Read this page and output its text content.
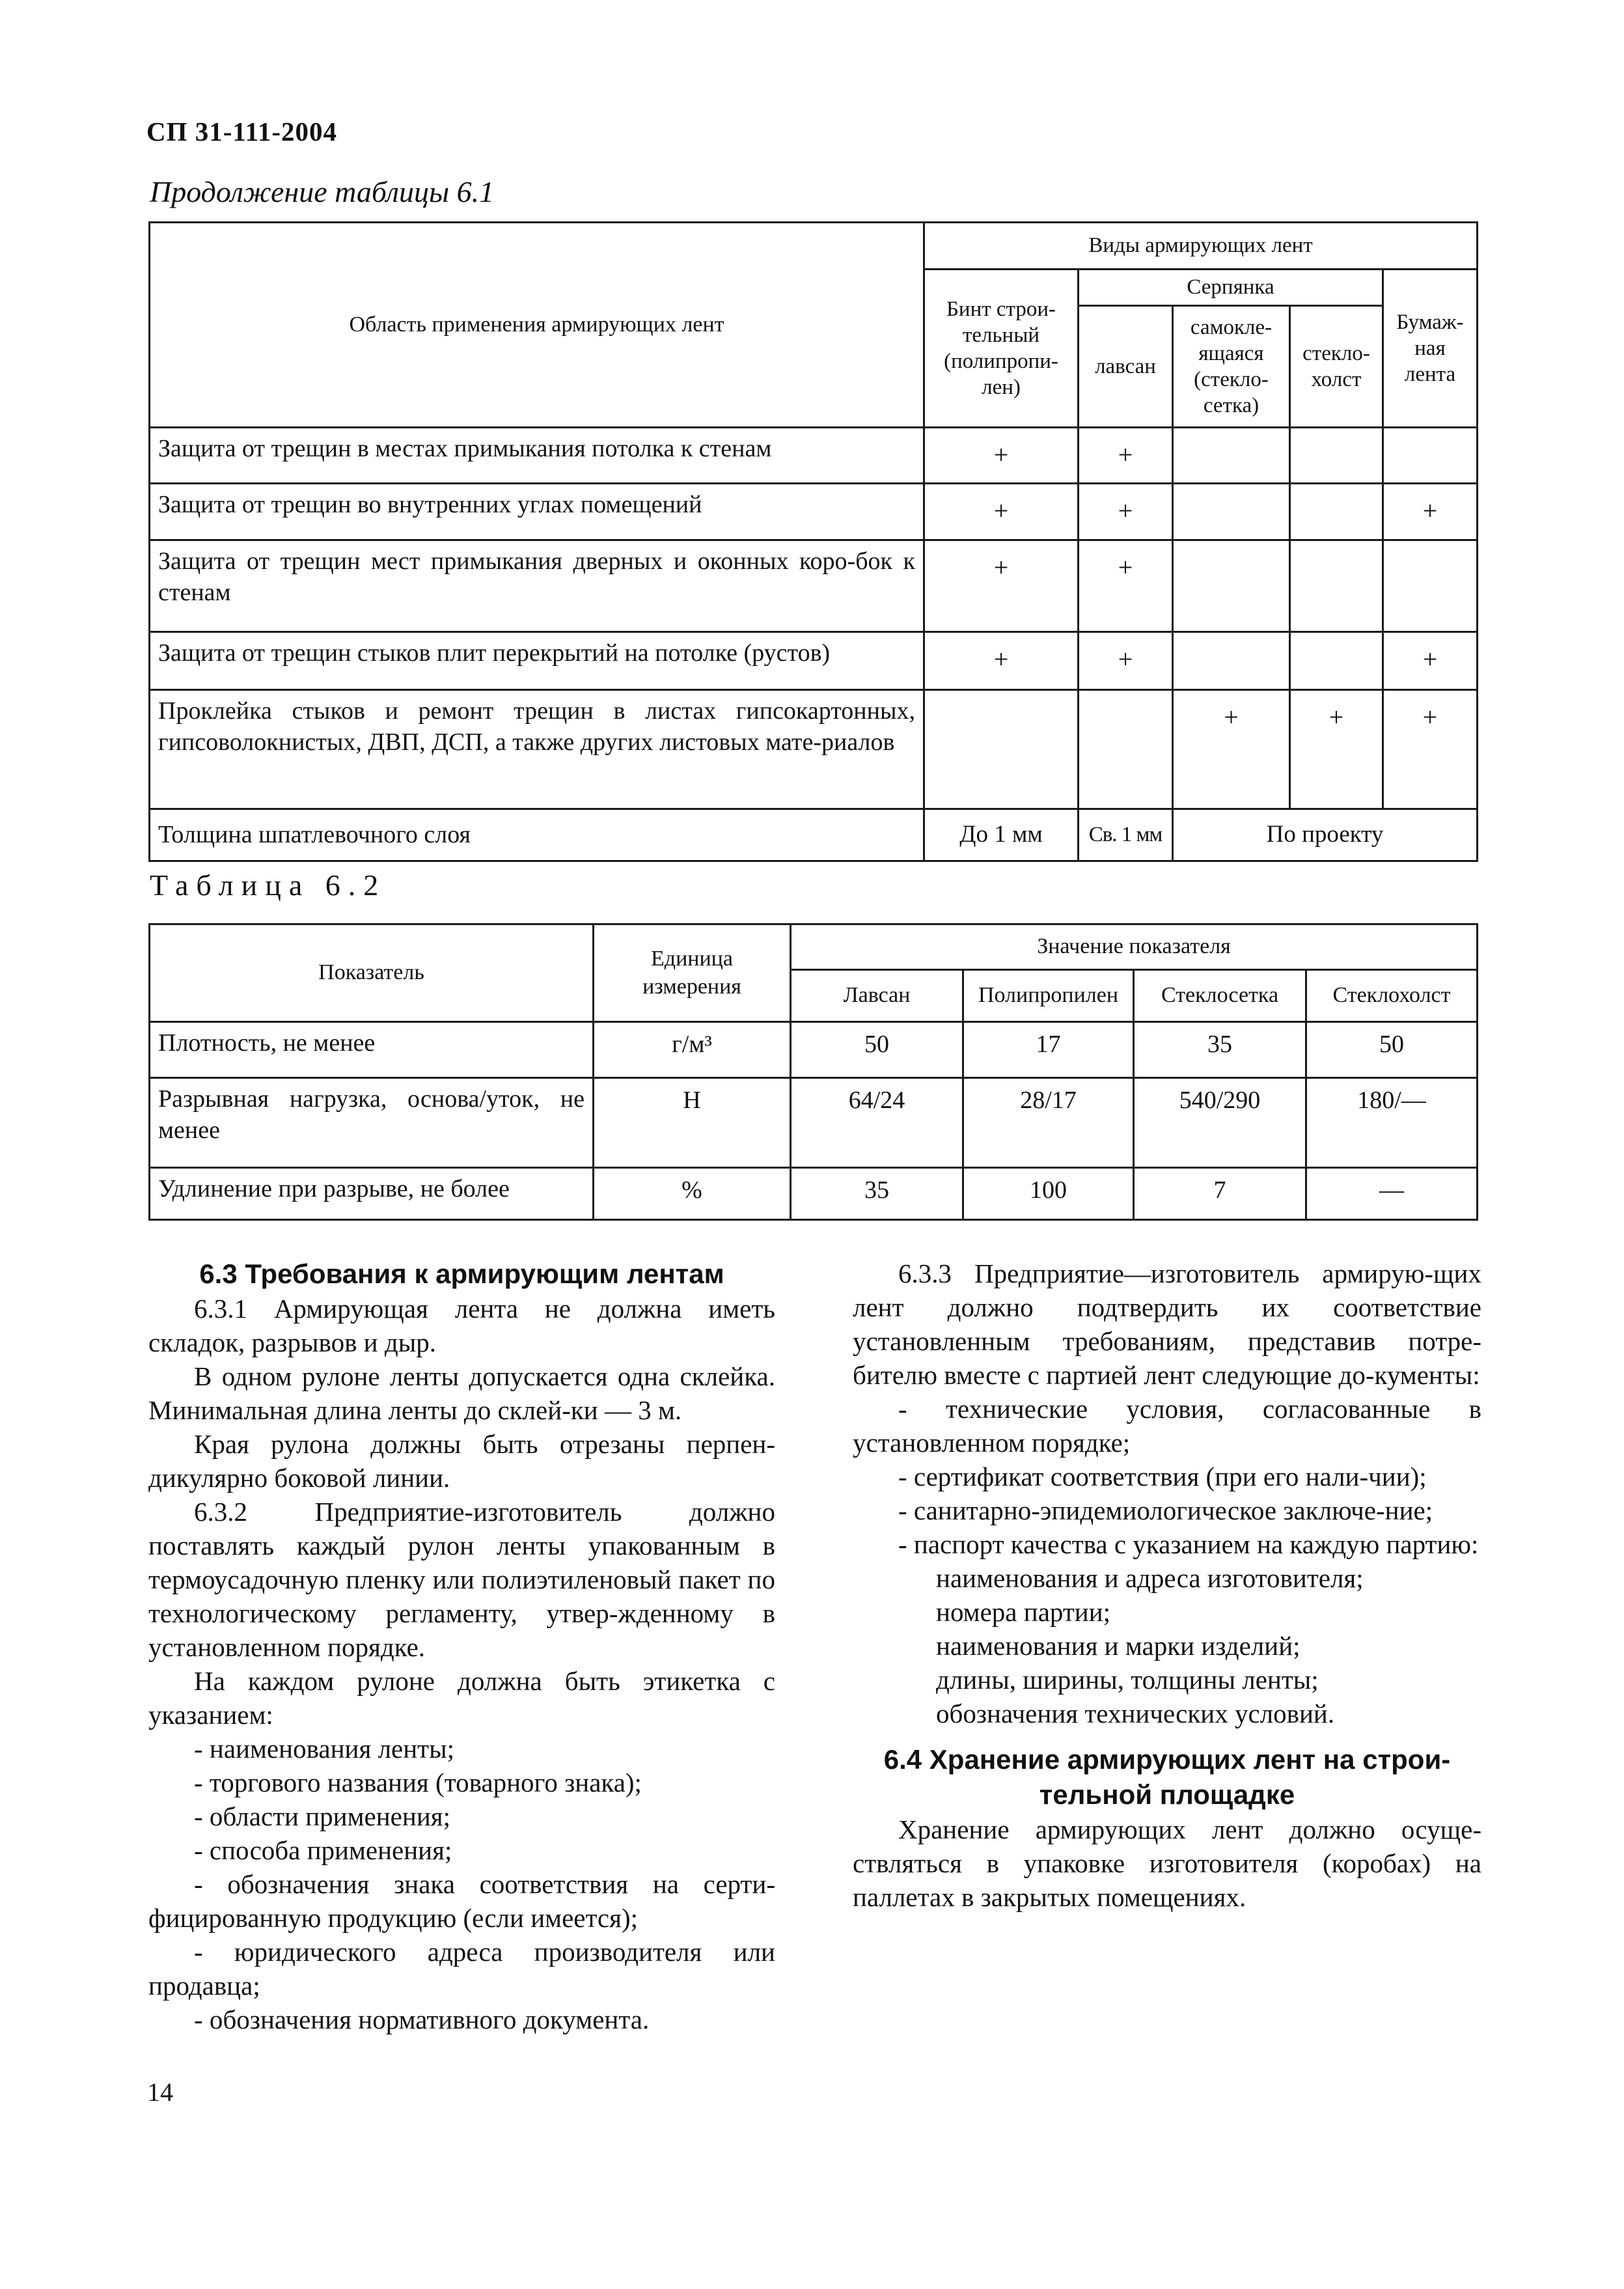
СП 31-111-2004
Продолжение таблицы 6.1
Область применения армирующих лент	Виды армирующих лент				
	Бинт строи-тельный (полипропи-лен)	Серпянка			Бумаж-ная лента
		лавсан	самокле-ящаяся (стекло-сетка)	стекло-холст	
Защита от трещин в местах примыкания потолка к стенам	+	+			
Защита от трещин во внутренних углах помещений	+	+			+
Защита от трещин мест примыкания дверных и оконных коро-бок к стенам	+	+			
Защита от трещин стыков плит перекрытий на потолке (рустов)	+	+			+
Проклейка стыков и ремонт трещин в листах гипсокартонных, гипсоволокнистых, ДВП, ДСП, а также других листовых мате-риалов			+	+	+
Толщина шпатлевочного слоя	До 1 мм	Св. 1 мм	По проекту		
Таблица 6.2
Показатель	Единица измерения	Значение показателя			
		Лавсан	Полипропилен	Стеклосетка	Стеклохолст
Плотность, не менее	г/м³	50	17	35	50
Разрывная нагрузка, основа/уток, не менее	Н	64/24	28/17	540/290	180/—
Удлинение при разрыве, не более	%	35	100	7	—

6.3 Требования к армирующим лентам

6.3.1 Армирующая лента не должна иметь складок, разрывов и дыр.

В одном рулоне ленты допускается одна склейка. Минимальная длина ленты до склей-ки — 3 м.

Края рулона должны быть отрезаны перпен-дикулярно боковой линии.

6.3.2 Предприятие-изготовитель должно поставлять каждый рулон ленты упакованным в термоусадочную пленку или полиэтиленовый пакет по технологическому регламенту, утвер-жденному в установленном порядке.

На каждом рулоне должна быть этикетка с указанием:

- наименования ленты;

- торгового названия (товарного знака);

- области применения;

- способа применения;

- обозначения знака соответствия на серти-фицированную продукцию (если имеется);

- юридического адреса производителя или продавца;

- обозначения нормативного документа.

6.3.3 Предприятие—изготовитель армирую-щих лент должно подтвердить их соответствие установленным требованиям, представив потре-бителю вместе с партией лент следующие до-кументы:

- технические условия, согласованные в установленном порядке;

- сертификат соответствия (при его нали-чии);

- санитарно-эпидемиологическое заключе-ние;

- паспорт качества с указанием на каждую партию:

наименования и адреса изготовителя;

номера партии;

наименования и марки изделий;

длины, ширины, толщины ленты;

обозначения технических условий.

6.4 Хранение армирующих лент на строи-тельной площадке

Хранение армирующих лент должно осуще-ствляться в упаковке изготовителя (коробах) на паллетах в закрытых помещениях.

14
